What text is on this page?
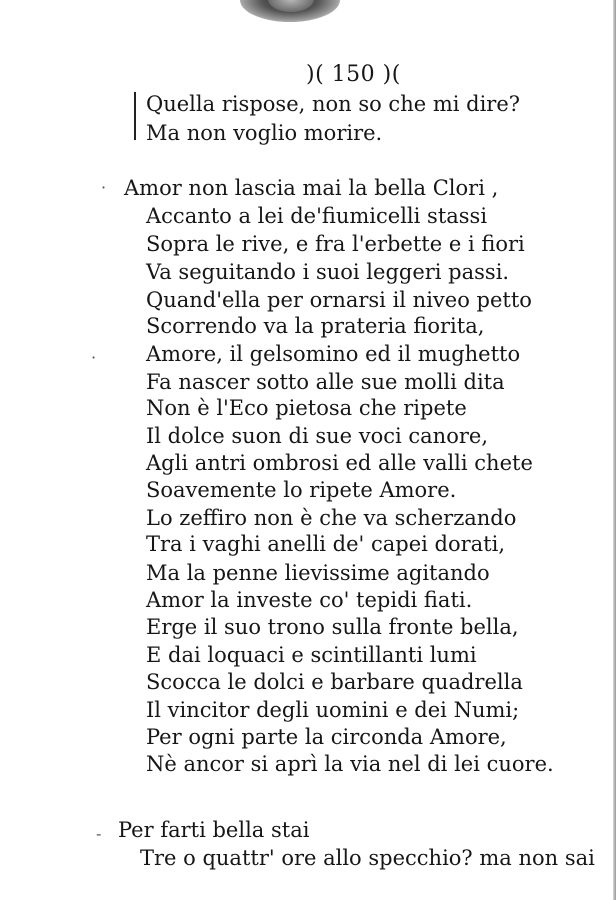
)( 150 )(
Quella rispose, non so che mi dire?
Ma non voglio morire.
· Amor non lascia mai la bella Clori ,
Accanto a lei de'fiumicelli stassi
Sopra le rive, e fra l'erbette e i fiori
Va seguitando i suoi leggeri passi.
Quand'ella per ornarsi il niveo petto
Scorrendo va la prateria fiorita,
· Amore, il gelsomino ed il mughetto
Fa nascer sotto alle sue molli dita
Non è l'Eco pietosa che ripete
Il dolce suon di sue voci canore,
Agli antri ombrosi ed alle valli chete
Soavemente lo ripete Amore.
Lo zeffiro non è che va scherzando
Tra i vaghi anelli de' capei dorati,
Ma la penne lievissime agitando
Amor la investe co' tepidi fiati.
Erge il suo trono sulla fronte bella,
E dai loquaci e scintillanti lumi
Scocca le dolci e barbare quadrella
Il vincitor degli uomini e dei Numi;
Per ogni parte la circonda Amore,
Nè ancor si aprì la via nel di lei cuore.
- Per farti bella stai
Tre o quattr' ore allo specchio? ma non sai
